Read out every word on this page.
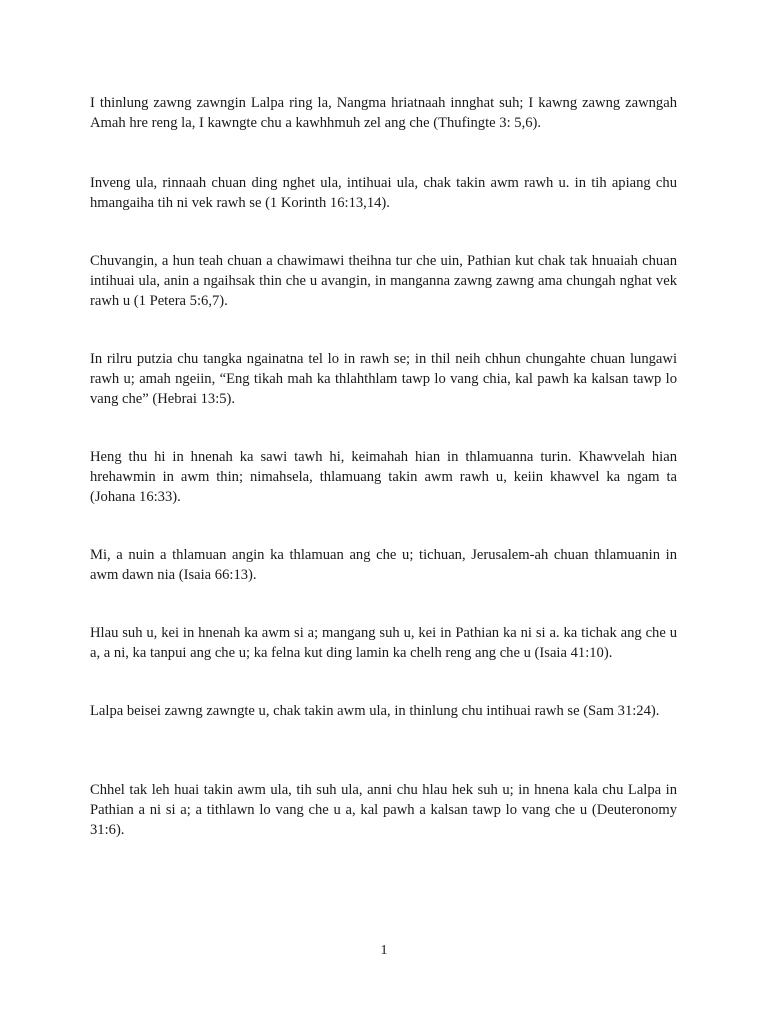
I thinlung zawng zawngin Lalpa ring la, Nangma hriatnaah innghat suh; I kawng zawng zawngah Amah hre reng la, I kawngte chu a kawhhmuh zel ang che (Thufingte 3: 5,6).

Inveng ula, rinnaah chuan ding nghet ula, intihuai ula, chak takin awm rawh u. in tih apiang chu hmangaiha tih ni vek rawh se (1 Korinth 16:13,14).

Chuvangin, a hun teah chuan a chawimawi theihna tur che uin, Pathian kut chak tak hnuaiah chuan intihuai ula, anin a ngaihsak thin che u avangin, in manganna zawng zawng ama chungah nghat vek rawh u (1 Petera 5:6,7).

In rilru putzia chu tangka ngainatna tel lo in rawh se; in thil neih chhun chungahte chuan lungawi rawh u; amah ngeiin, “Eng tikah mah ka thlahthlam tawp lo vang chia, kal pawh ka kalsan tawp lo vang che” (Hebrai 13:5).

Heng thu hi in hnenah ka sawi tawh hi, keimahah hian in thlamuanna turin. Khawvelah hian hrehawmin in awm thin; nimahsela, thlamuang takin awm rawh u, keiin khawvel ka ngam ta (Johana 16:33).

Mi, a nuin a thlamuan angin ka thlamuan ang che u; tichuan, Jerusalem-ah chuan thlamuanin in awm dawn nia (Isaia 66:13).

Hlau suh u, kei in hnenah ka awm si a; mangang suh u, kei in Pathian ka ni si a. ka tichak ang che u a, a ni, ka tanpui ang che u; ka felna kut ding lamin ka chelh reng ang che u (Isaia 41:10).

Lalpa beisei zawng zawngte u, chak takin awm ula, in thinlung chu intihuai rawh se (Sam 31:24).

Chhel tak leh huai takin awm ula, tih suh ula, anni chu hlau hek suh u; in hnena kala chu Lalpa in Pathian a ni si a; a tithlawn lo vang che u a, kal pawh a kalsan tawp lo vang che u (Deuteronomy 31:6).

1
